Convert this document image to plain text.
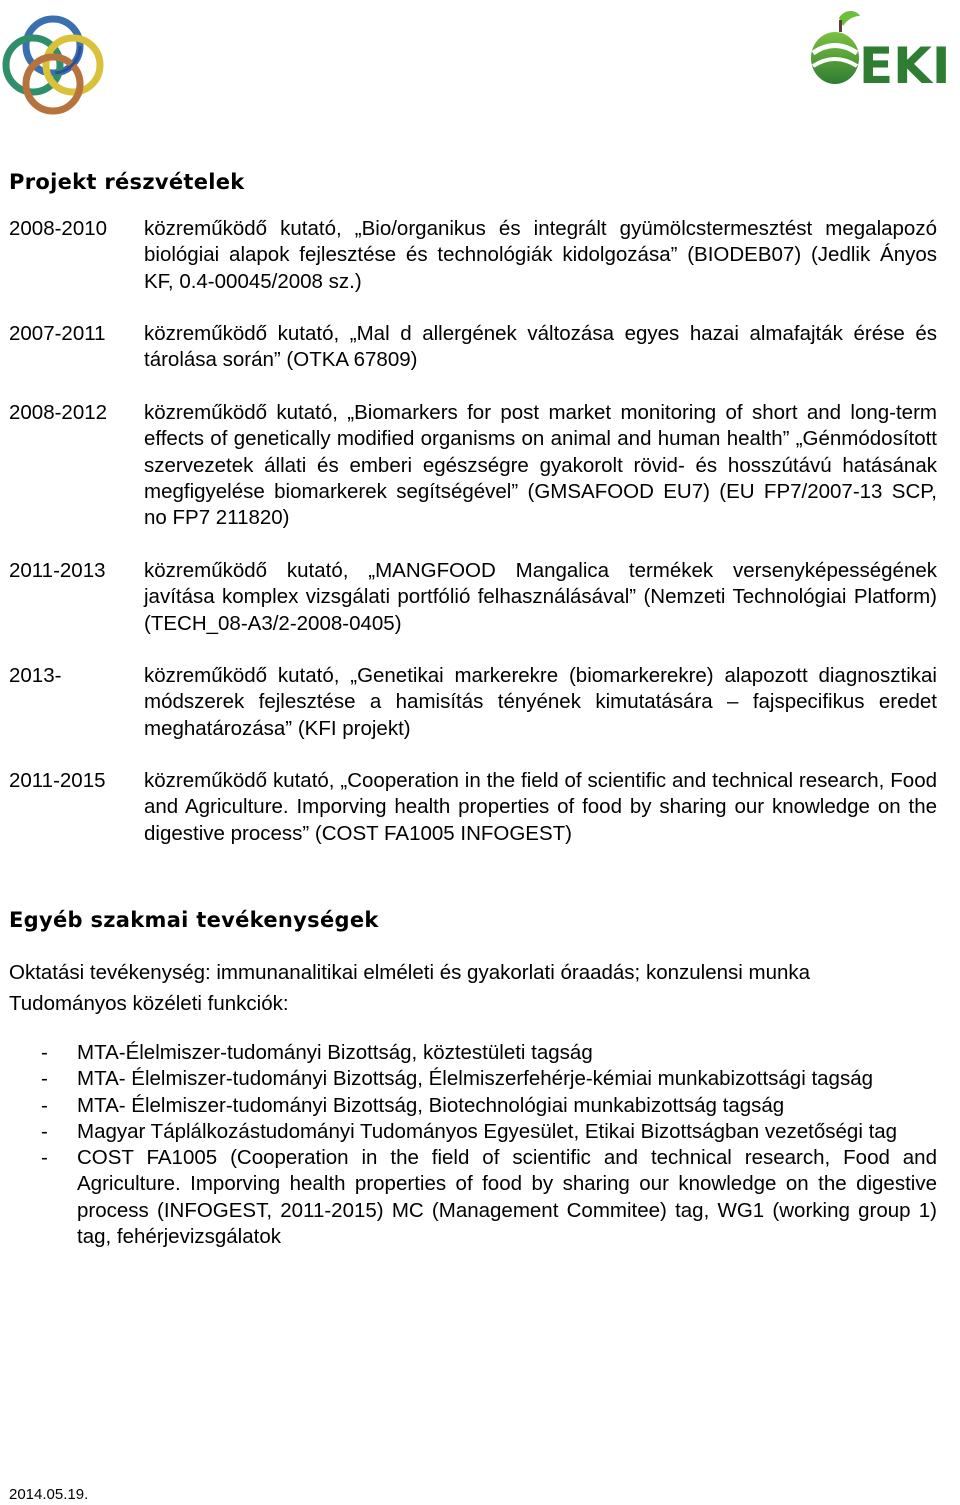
EKI
Projekt részvételek
2008-2010	közreműködő kutató, „Bio/organikus és integrált gyümölcstermesztést megalapozó biológiai alapok fejlesztése és technológiák kidolgozása” (BIODEB07) (Jedlik Ányos KF, 0.4-00045/2008 sz.)
2007-2011	közreműködő kutató, „Mal d allergének változása egyes hazai almafajták érése és tárolása során” (OTKA 67809)
2008-2012	közreműködő kutató, „Biomarkers for post market monitoring of short and long-term effects of genetically modified organisms on animal and human health” „Génmódosított szervezetek állati és emberi egészségre gyakorolt rövid- és hosszútávú hatásának megfigyelése biomarkerek segítségével” (GMSAFOOD EU7) (EU FP7/2007-13 SCP, no FP7 211820)
2011-2013	közreműködő kutató, „MANGFOOD Mangalica termékek versenyképességének javítása komplex vizsgálati portfólió felhasználásával” (Nemzeti Technológiai Platform) (TECH_08-A3/2-2008-0405)
2013-	közreműködő kutató, „Genetikai markerekre (biomarkerekre) alapozott diagnosztikai módszerek fejlesztése a hamisítás tényének kimutatására – fajspecifikus eredet meghatározása” (KFI projekt)
2011-2015	közreműködő kutató, „Cooperation in the field of scientific and technical research, Food and Agriculture. Imporving health properties of food by sharing our knowledge on the digestive process” (COST FA1005 INFOGEST)
Egyéb szakmai tevékenységek
Oktatási tevékenység: immunanalitikai elméleti és gyakorlati óraadás; konzulensi munka
Tudományos közéleti funkciók:
- MTA-Élelmiszer-tudományi Bizottság, köztestületi tagság
- MTA- Élelmiszer-tudományi Bizottság, Élelmiszerfehérje-kémiai munkabizottsági tagság
- MTA- Élelmiszer-tudományi Bizottság, Biotechnológiai munkabizottság tagság
- Magyar Táplálkozástudományi Tudományos Egyesület, Etikai Bizottságban vezetőségi tag
- COST FA1005 (Cooperation in the field of scientific and technical research, Food and Agriculture. Imporving health properties of food by sharing our knowledge on the digestive process (INFOGEST, 2011-2015) MC (Management Commitee) tag, WG1 (working group 1) tag, fehérjevizsgálatok
2014.05.19.
